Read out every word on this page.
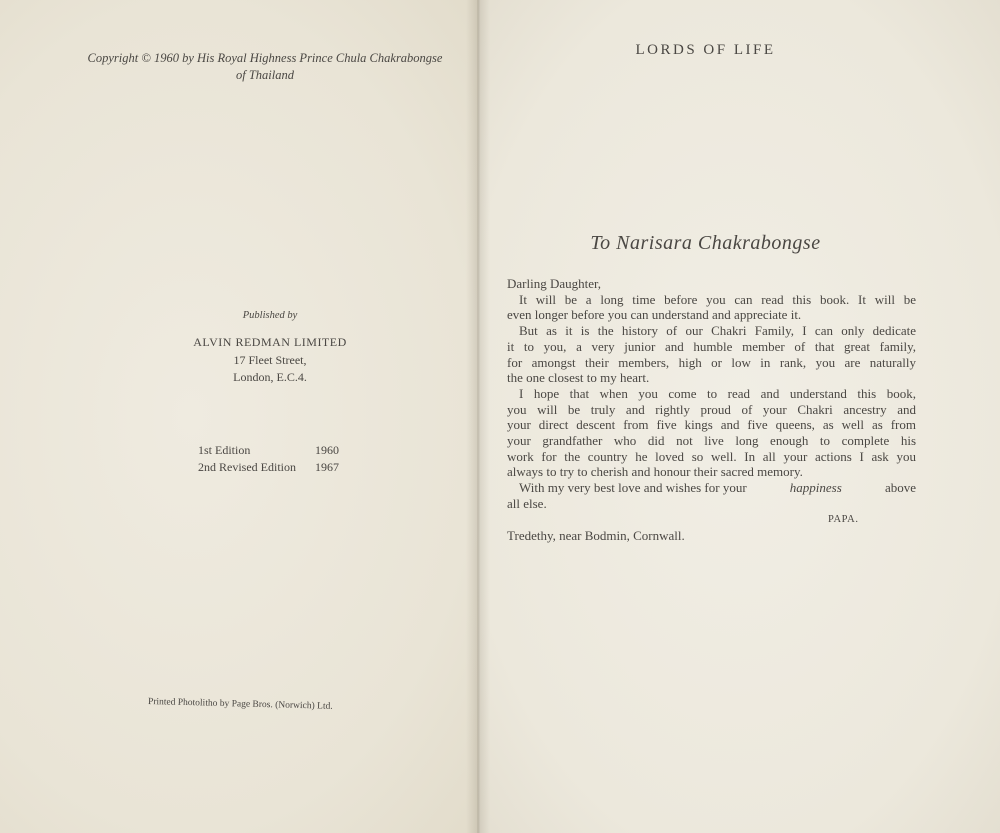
Copyright © 1960 by His Royal Highness Prince Chula Chakrabongse
of Thailand
Published by
ALVIN REDMAN LIMITED
17 Fleet Street,
London, E.C.4.
1st Edition	1960
2nd Revised Edition 1967
Printed Photolitho by Page Bros. (Norwich) Ltd.
LORDS OF LIFE
To Narisara Chakrabongse
Darling Daughter,
It will be a long time before you can read this book. It will be
even longer before you can understand and appreciate it.
But as it is the history of our Chakri Family, I can only dedicate
it to you, a very junior and humble member of that great family,
for amongst their members, high or low in rank, you are naturally
the one closest to my heart.
I hope that when you come to read and understand this book,
you will be truly and rightly proud of your Chakri ancestry and
your direct descent from five kings and five queens, as well as from
your grandfather who did not live long enough to complete his
work for the country he loved so well. In all your actions I ask you
always to try to cherish and honour their sacred memory.
With my very best love and wishes for your	happiness	above
all else.
PAPA.
Tredethy, near Bodmin, Cornwall.
